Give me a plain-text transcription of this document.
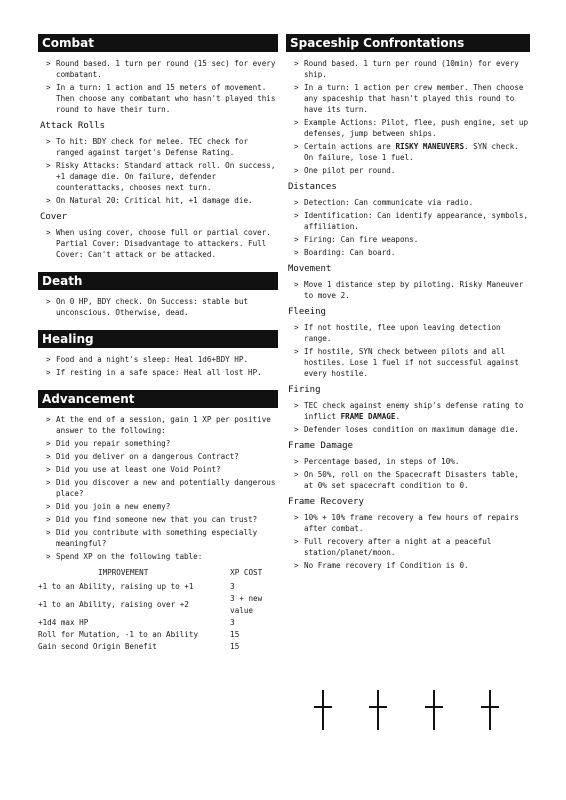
Combat
> Round based. 1 turn per round (15 sec) for every combatant.
> In a turn: 1 action and 15 meters of movement. Then choose any combatant who hasn't played this round to have their turn.
Attack Rolls
> To hit: BDY check for melee. TEC check for ranged against target's Defense Rating.
> Risky Attacks: Standard attack roll. On success, +1 damage die. On failure, defender counterattacks, chooses next turn.
> On Natural 20: Critical hit, +1 damage die.
Cover
> When using cover, choose full or partial cover. Partial Cover: Disadvantage to attackers. Full Cover: Can't attack or be attacked.
Death
> On 0 HP, BDY check. On Success: stable but unconscious. Otherwise, dead.
Healing
> Food and a night's sleep: Heal 1d6+BDY HP.
> If resting in a safe space: Heal all lost HP.
Advancement
> At the end of a session, gain 1 XP per positive answer to the following:
> Did you repair something?
> Did you deliver on a dangerous Contract?
> Did you use at least one Void Point?
> Did you discover a new and potentially dangerous place?
> Did you join a new enemy?
> Did you find someone new that you can trust?
> Did you contribute with something especially meaningful?
> Spend XP on the following table:
IMPROVEMENT	XP COST
+1 to an Ability, raising up to +1	3
+1 to an Ability, raising over +2	3 + new value
+1d4 max HP	3
Roll for Mutation, -1 to an Ability	15
Gain second Origin Benefit	15
Spaceship Confrontations
> Round based. 1 turn per round (10min) for every ship.
> In a turn: 1 action per crew member. Then choose any spaceship that hasn't played this round to have its turn.
> Example Actions: Pilot, flee, push engine, set up defenses, jump between ships.
> Certain actions are RISKY MANEUVERS. SYN check. On failure, lose 1 fuel.
> One pilot per round.
Distances
> Detection: Can communicate via radio.
> Identification: Can identify appearance, symbols, affiliation.
> Firing: Can fire weapons.
> Boarding: Can board.
Movement
> Move 1 distance step by piloting. Risky Maneuver to move 2.
Fleeing
> If not hostile, flee upon leaving detection range.
> If hostile, SYN check between pilots and all hostiles. Lose 1 fuel if not successful against every hostile.
Firing
> TEC check against enemy ship's defense rating to inflict FRAME DAMAGE.
> Defender loses condition on maximum damage die.
Frame Damage
> Percentage based, in steps of 10%.
> On 50%, roll on the Spacecraft Disasters table, at 0% set spacecraft condition to 0.
Frame Recovery
> 10% + 10% frame recovery a few hours of repairs after combat.
> Full recovery after a night at a peaceful station/planet/moon.
> No Frame recovery if Condition is 0.
